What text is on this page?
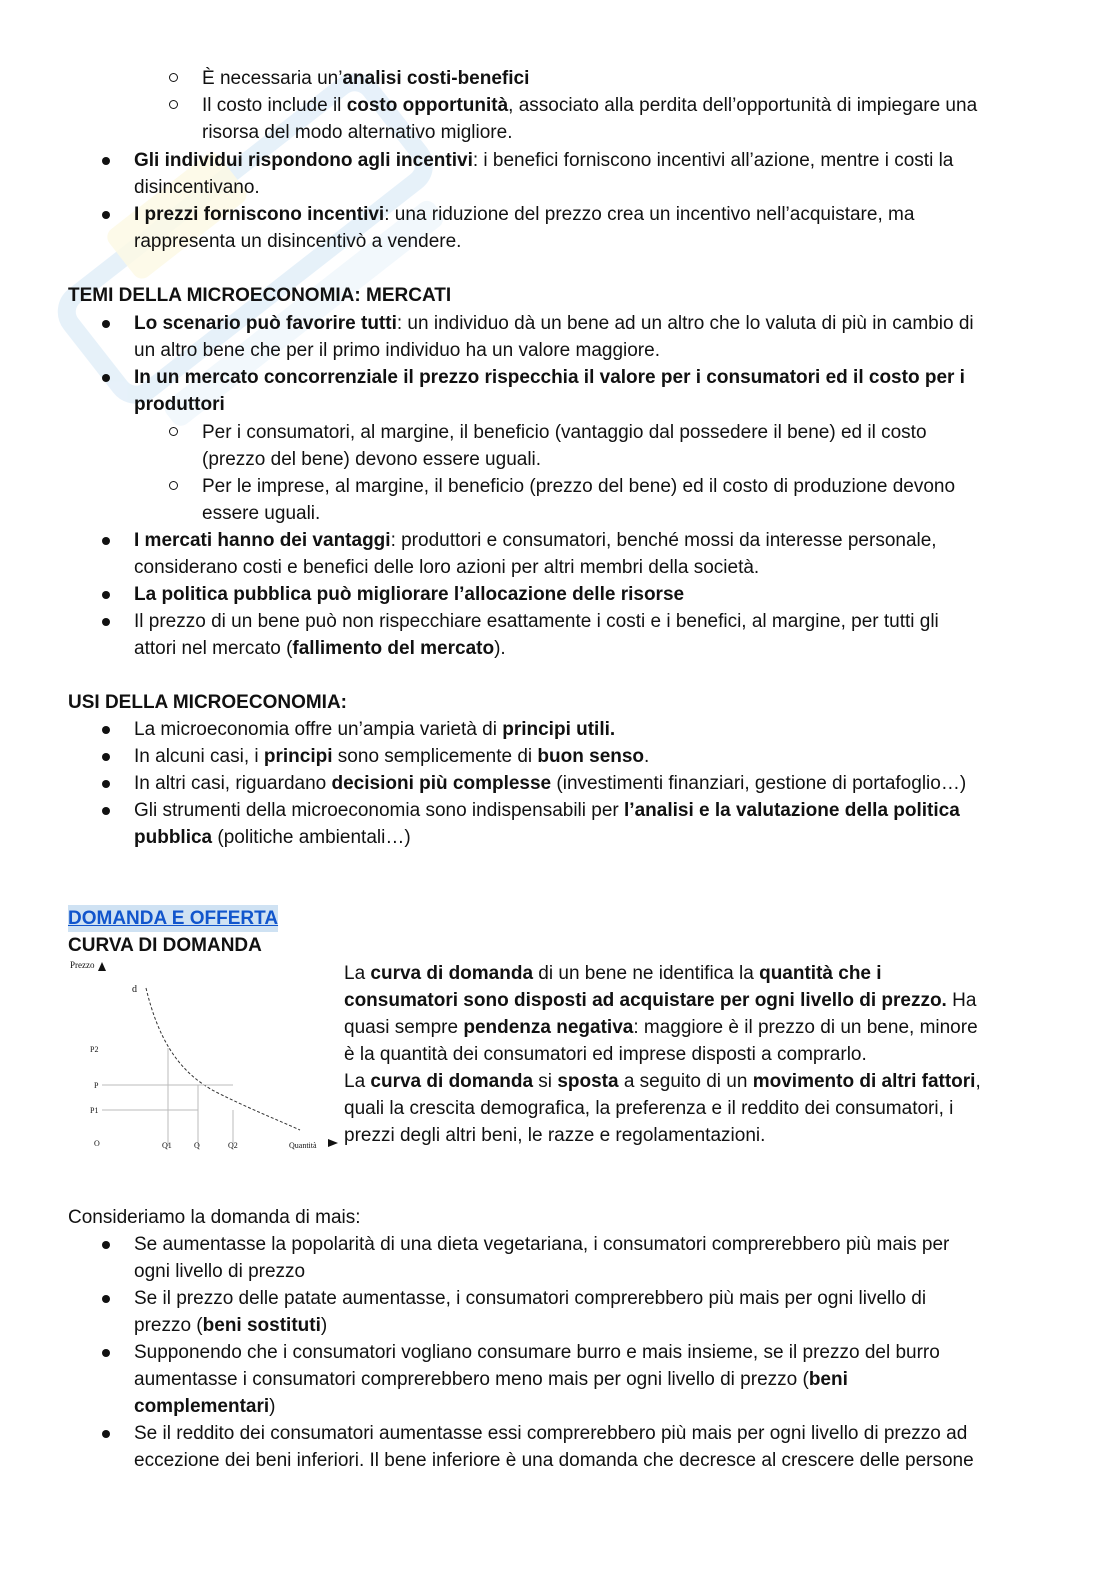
È necessaria un’analisi costi-benefici
Il costo include il costo opportunità, associato alla perdita dell’opportunità di impiegare una
risorsa del modo alternativo migliore.
Gli individui rispondono agli incentivi: i benefici forniscono incentivi all’azione, mentre i costi la
disincentivano.
I prezzi forniscono incentivi: una riduzione del prezzo crea un incentivo nell’acquistare, ma
rappresenta un disincentivò a vendere.
TEMI DELLA MICROECONOMIA: MERCATI
Lo scenario può favorire tutti: un individuo dà un bene ad un altro che lo valuta di più in cambio di
un altro bene che per il primo individuo ha un valore maggiore.
In un mercato concorrenziale il prezzo rispecchia il valore per i consumatori ed il costo per i
produttori
Per i consumatori, al margine, il beneficio (vantaggio dal possedere il bene) ed il costo
(prezzo del bene) devono essere uguali.
Per le imprese, al margine, il beneficio (prezzo del bene) ed il costo di produzione devono
essere uguali.
I mercati hanno dei vantaggi: produttori e consumatori, benché mossi da interesse personale,
considerano costi e benefici delle loro azioni per altri membri della società.
La politica pubblica può migliorare l’allocazione delle risorse
Il prezzo di un bene può non rispecchiare esattamente i costi e i benefici, al margine, per tutti gli
attori nel mercato (fallimento del mercato).
USI DELLA MICROECONOMIA:
La microeconomia offre un’ampia varietà di principi utili.
In alcuni casi, i principi sono semplicemente di buon senso.
In altri casi, riguardano decisioni più complesse (investimenti finanziari, gestione di portafoglio…)
Gli strumenti della microeconomia sono indispensabili per l’analisi e la valutazione della politica
pubblica (politiche ambientali…)
DOMANDA E OFFERTA
CURVA DI DOMANDA
Prezzo
d
P2
P
P1
O	Q1	Q	Q2	Quantità
La curva di domanda di un bene ne identifica la quantità che i
consumatori sono disposti ad acquistare per ogni livello di prezzo. Ha
quasi sempre pendenza negativa: maggiore è il prezzo di un bene, minore
è la quantità dei consumatori ed imprese disposti a comprarlo.
La curva di domanda si sposta a seguito di un movimento di altri fattori,
quali la crescita demografica, la preferenza e il reddito dei consumatori, i
prezzi degli altri beni, le razze e regolamentazioni.
Consideriamo la domanda di mais:
Se aumentasse la popolarità di una dieta vegetariana, i consumatori comprerebbero più mais per
ogni livello di prezzo
Se il prezzo delle patate aumentasse, i consumatori comprerebbero più mais per ogni livello di
prezzo (beni sostituti)
Supponendo che i consumatori vogliano consumare burro e mais insieme, se il prezzo del burro
aumentasse i consumatori comprerebbero meno mais per ogni livello di prezzo (beni
complementari)
Se il reddito dei consumatori aumentasse essi comprerebbero più mais per ogni livello di prezzo ad
eccezione dei beni inferiori. Il bene inferiore è una domanda che decresce al crescere delle persone
